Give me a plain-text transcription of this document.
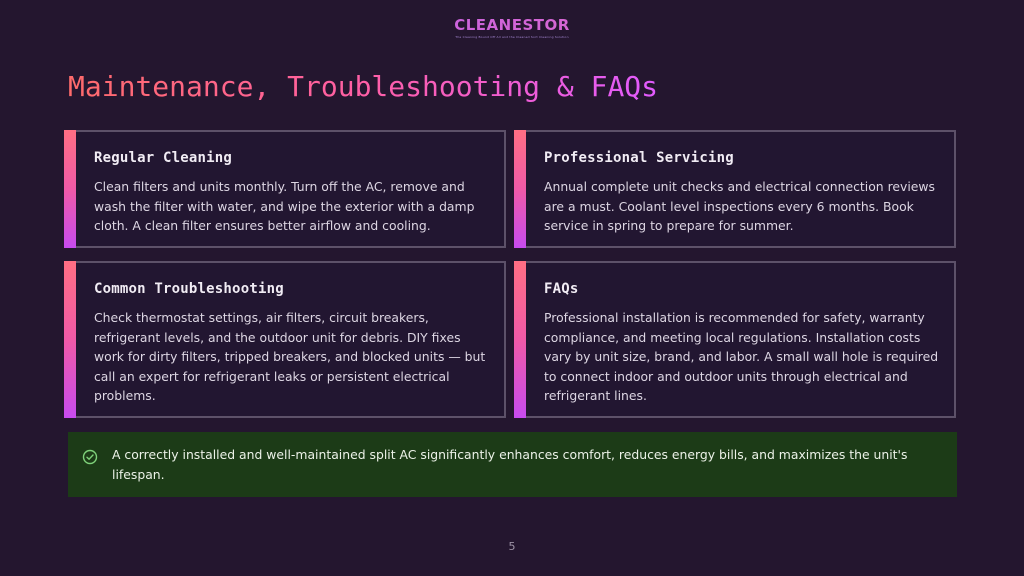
CLEANESTOR
The Cleaning Bound Off All and the Cleaned Sort Cleaning Solution
Maintenance, Troubleshooting & FAQs
Regular Cleaning
Clean filters and units monthly. Turn off the AC, remove and wash the filter with water, and wipe the exterior with a damp cloth. A clean filter ensures better airflow and cooling.
Professional Servicing
Annual complete unit checks and electrical connection reviews are a must. Coolant level inspections every 6 months. Book service in spring to prepare for summer.
Common Troubleshooting
Check thermostat settings, air filters, circuit breakers, refrigerant levels, and the outdoor unit for debris. DIY fixes work for dirty filters, tripped breakers, and blocked units — but call an expert for refrigerant leaks or persistent electrical problems.
FAQs
Professional installation is recommended for safety, warranty compliance, and meeting local regulations. Installation costs vary by unit size, brand, and labor. A small wall hole is required to connect indoor and outdoor units through electrical and refrigerant lines.
A correctly installed and well-maintained split AC significantly enhances comfort, reduces energy bills, and maximizes the unit's lifespan.
5
